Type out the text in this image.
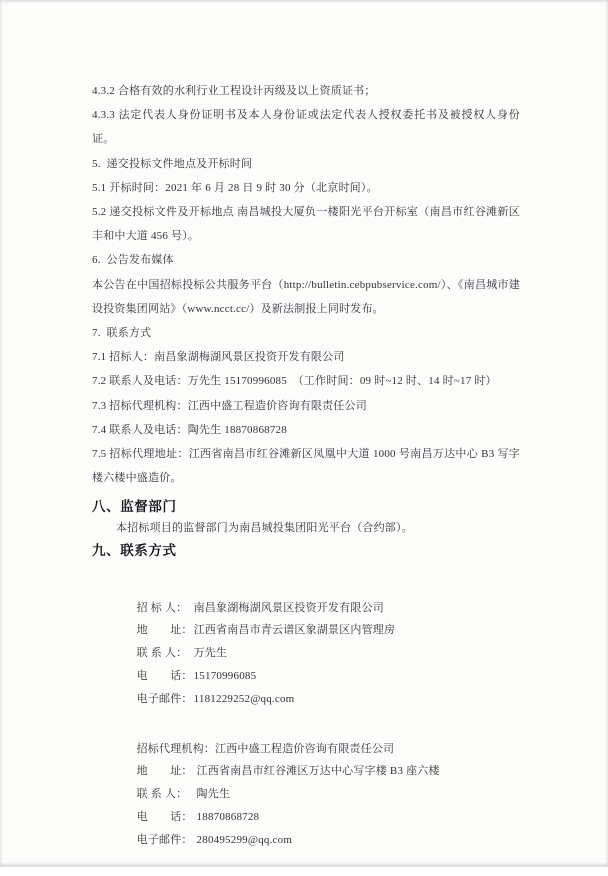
4.3.2 合格有效的水利行业工程设计丙级及以上资质证书；

4.3.3 法定代表人身份证明书及本人身份证或法定代表人授权委托书及被授权人身份证。

5.  递交投标文件地点及开标时间

5.1 开标时间：2021 年 6 月 28 日 9 时 30 分（北京时间）。

5.2 递交投标文件及开标地点 南昌城投大厦负一楼阳光平台开标室（南昌市红谷滩新区丰和中大道 456 号）。

6.  公告发布媒体

本公告在中国招标投标公共服务平台（http://bulletin.cebpubservice.com/）、《南昌城市建设投资集团网站》（www.ncct.cc/）及新法制报上同时发布。

7.  联系方式

7.1 招标人：南昌象湖梅湖风景区投资开发有限公司

7.2 联系人及电话：万先生 15170996085　（工作时间：09 时~12 时、14 时~17 时）

7.3 招标代理机构：江西中盛工程造价咨询有限责任公司

7.4 联系人及电话：陶先生 18870868728

7.5 招标代理地址：江西省南昌市红谷滩新区凤凰中大道 1000 号南昌万达中心 B3 写字楼六楼中盛造价。

八、监督部门

本招标项目的监督部门为南昌城投集团阳光平台（合约部）。

九、联系方式

招 标 人： 南昌象湖梅湖风景区投资开发有限公司

地　　址：江西省南昌市青云谱区象湖景区内管理房

联 系 人： 万先生

电　　话：15170996085

电子邮件：1181229252@qq.com

招标代理机构：江西中盛工程造价咨询有限责任公司

地　　址： 江西省南昌市红谷滩区万达中心写字楼 B3 座六楼

联 系 人： 陶先生

电　　话： 18870868728

电子邮件： 280495299@qq.com
